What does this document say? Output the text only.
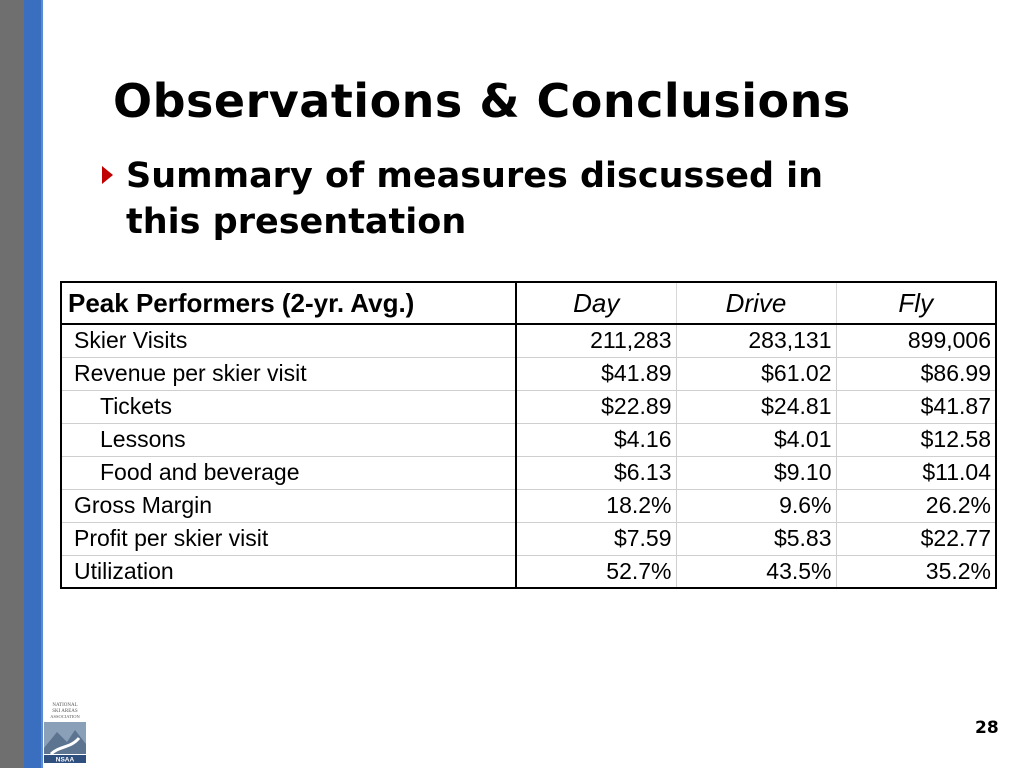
Observations & Conclusions
Summary of measures discussed in
this presentation
Peak Performers (2-yr. Avg.)	Day	Drive	Fly
Skier Visits	211,283	283,131	899,006
Revenue per skier visit	$41.89	$61.02	$86.99
Tickets	$22.89	$24.81	$41.87
Lessons	$4.16	$4.01	$12.58
Food and beverage	$6.13	$9.10	$11.04
Gross Margin	18.2%	9.6%	26.2%
Profit per skier visit	$7.59	$5.83	$22.77
Utilization	52.7%	43.5%	35.2%
NATIONAL
SKI AREAS
ASSOCIATION
NSAA
28
